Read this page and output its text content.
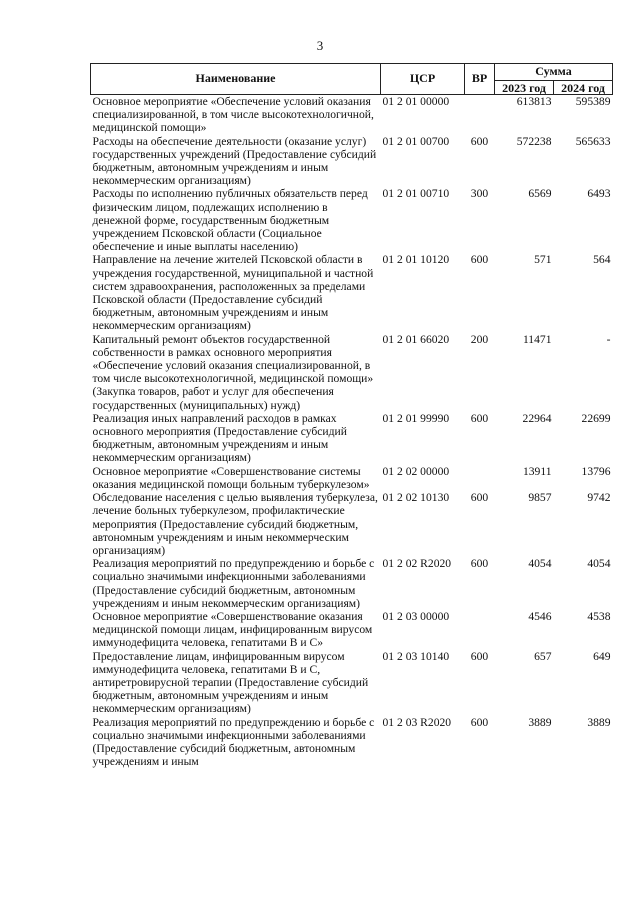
3
Наименование	ЦСР	ВР	Сумма	
			2023 год	2024 год
Основное мероприятие «Обеспечение условий оказания специализированной, в том числе высокотехнологичной, медицинской помощи»	01 2 01 00000		613813	595389
Расходы на обеспечение деятельности (оказание услуг) государственных учреждений (Предоставление субсидий бюджетным, автономным учреждениям и иным некоммерческим организациям)	01 2 01 00700	600	572238	565633
Расходы по исполнению публичных обязательств перед физическим лицом, подлежащих исполнению в денежной форме, государственным бюджетным учреждением Псковской области (Социальное обеспечение и иные выплаты населению)	01 2 01 00710	300	6569	6493
Направление на лечение жителей Псковской области в учреждения государственной, муниципальной и частной систем здравоохранения, расположенных за пределами Псковской области (Предоставление субсидий бюджетным, автономным учреждениям и иным некоммерческим организациям)	01 2 01 10120	600	571	564
Капитальный ремонт объектов государственной собственности в рамках основного мероприятия «Обеспечение условий оказания специализированной, в том числе высокотехнологичной, медицинской помощи» (Закупка товаров, работ и услуг для обеспечения государственных (муниципальных) нужд)	01 2 01 66020	200	11471	-
Реализация иных направлений расходов в рамках основного мероприятия (Предоставление субсидий бюджетным, автономным учреждениям и иным некоммерческим организациям)	01 2 01 99990	600	22964	22699
Основное мероприятие «Совершенствование системы оказания медицинской помощи больным туберкулезом»	01 2 02 00000		13911	13796
Обследование населения с целью выявления туберкулеза, лечение больных туберкулезом, профилактические мероприятия (Предоставление субсидий бюджетным, автономным учреждениям и иным некоммерческим организациям)	01 2 02 10130	600	9857	9742
Реализация мероприятий по предупреждению и борьбе с социально значимыми инфекционными заболеваниями (Предоставление субсидий бюджетным, автономным учреждениям и иным некоммерческим организациям)	01 2 02 R2020	600	4054	4054
Основное мероприятие «Совершенствование оказания медицинской помощи лицам, инфицированным вирусом иммунодефицита человека, гепатитами В и С»	01 2 03 00000		4546	4538
Предоставление лицам, инфицированным вирусом иммунодефицита человека, гепатитами В и С, антиретровирусной терапии (Предоставление субсидий бюджетным, автономным учреждениям и иным некоммерческим организациям)	01 2 03 10140	600	657	649
Реализация мероприятий по предупреждению и борьбе с социально значимыми инфекционными заболеваниями (Предоставление субсидий бюджетным, автономным учреждениям и иным	01 2 03 R2020	600	3889	3889
